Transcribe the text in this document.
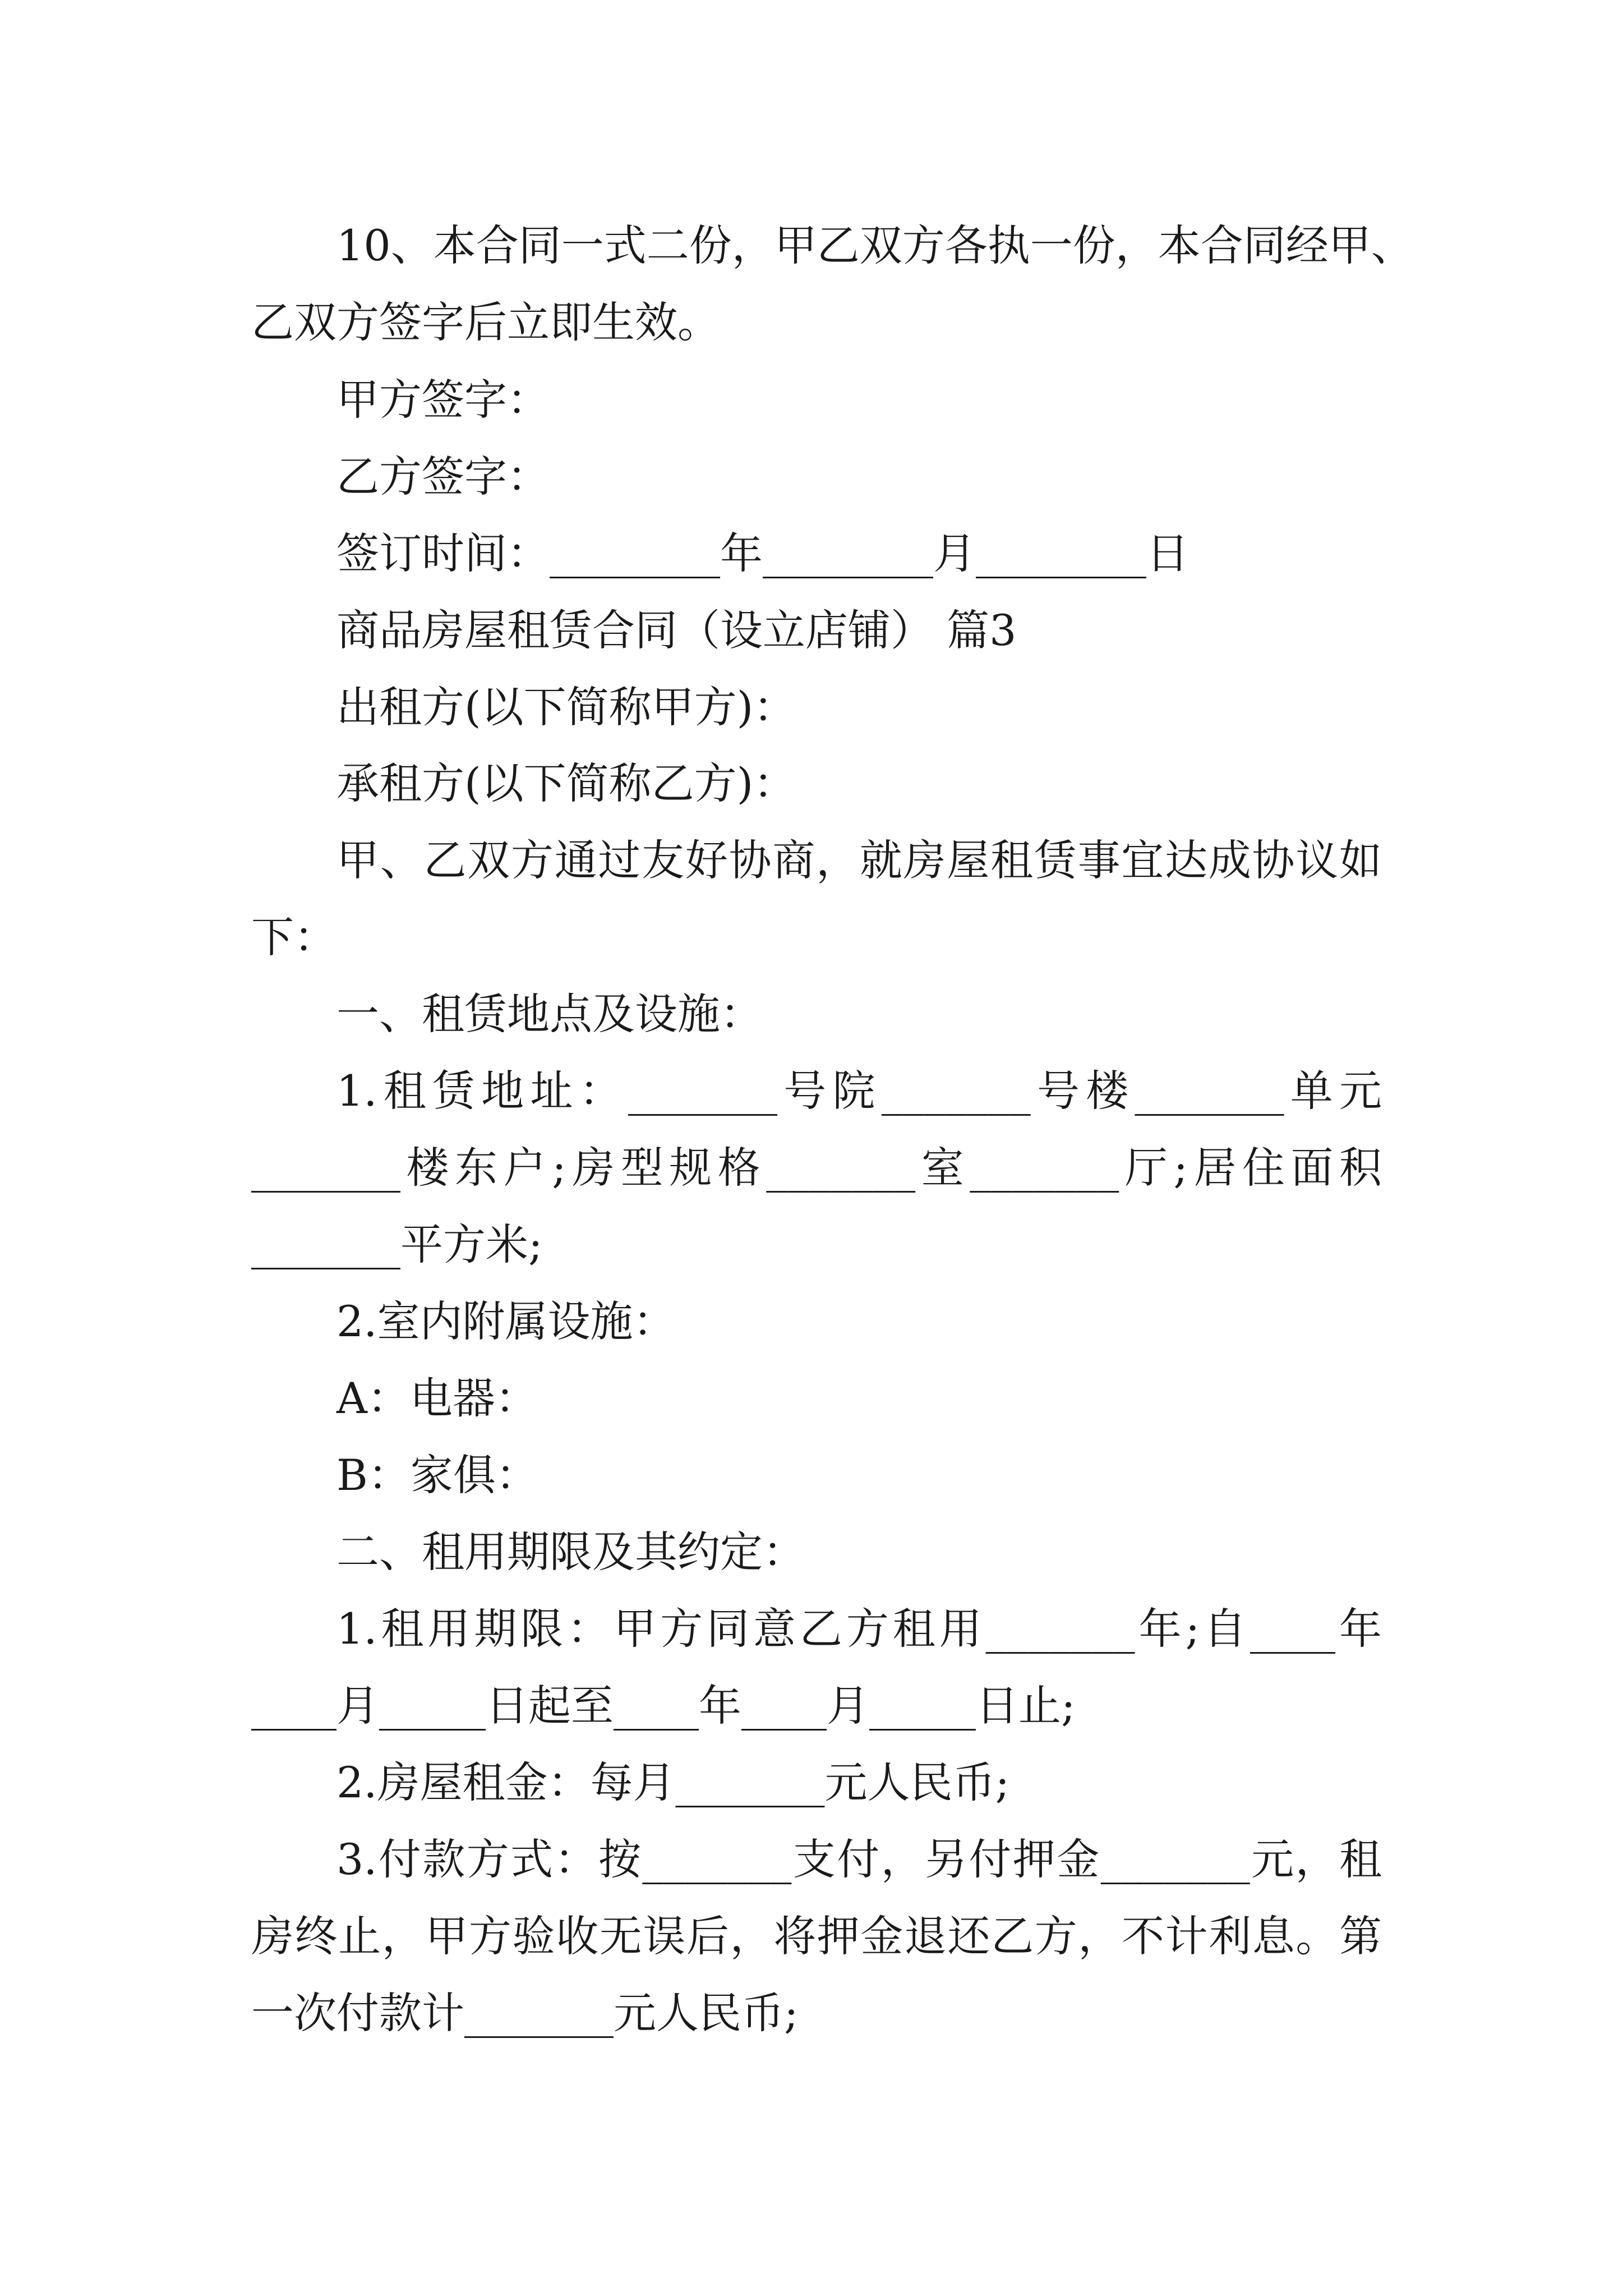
10、本合同一式二份，甲乙双方各执一份，本合同经甲、

乙双方签字后立即生效。

甲方签字：

乙方签字：

签订时间：________年________月________日

商品房屋租赁合同（设立店铺） 篇3

出租方(以下简称甲方)：

承租方(以下简称乙方)：

甲、乙双方通过友好协商，就房屋租赁事宜达成协议如

下：

一、租赁地点及设施：

1.租赁地址：_______号院_______号楼_______单元

_______楼东户;房型规格_______室_______厅;居住面积

_______平方米;

2.室内附属设施：

A：电器：

B：家俱：

二、租用期限及其约定：

1.租用期限：甲方同意乙方租用_______年;自____年

____月_____日起至____年____月_____日止;

2.房屋租金：每月_______元人民币;

3.付款方式：按_______支付，另付押金_______元，租

房终止，甲方验收无误后，将押金退还乙方，不计利息。第

一次付款计_______元人民币;
